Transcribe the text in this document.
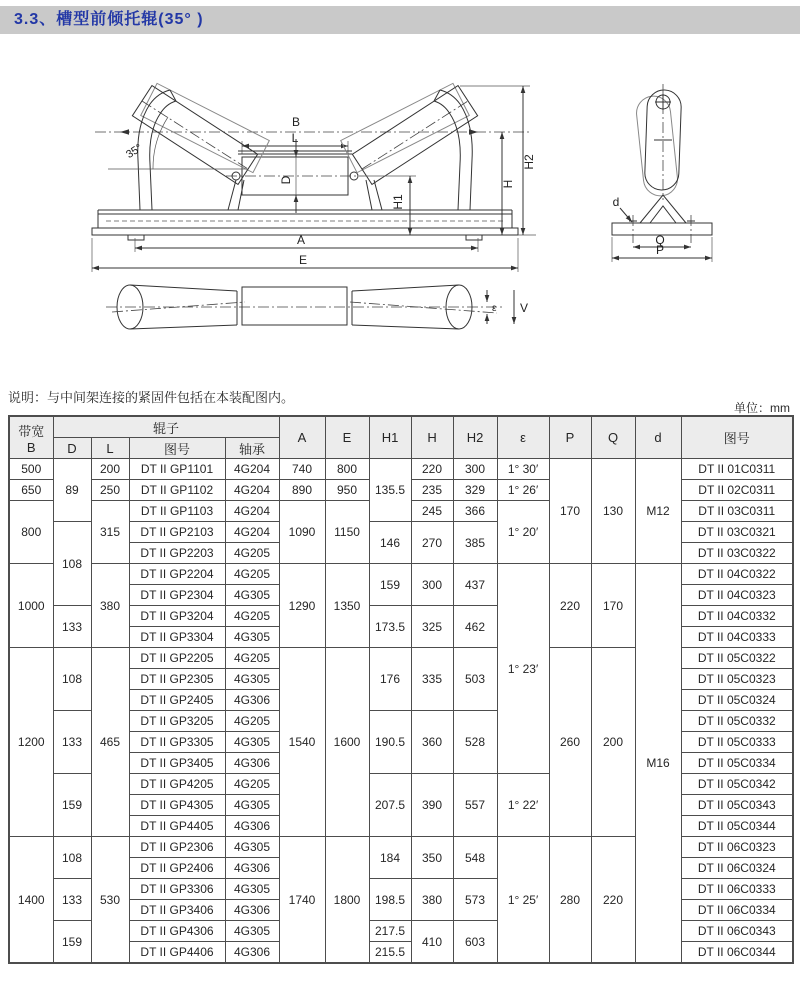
3.3、槽型前倾托辊(35° )
B
L
D
35°
A
E
H1
H
H2
d
Q
P
ε V
说明：与中间架连接的紧固件包括在本装配图内。
单位：mm
带宽
B	辊子				A	E	H1	H	H2	ε	P	Q	d	图号
	D	L	图号	轴承										
500	89	200	DT II GP1101	4G204	740	800	135.5	220	300	1° 30′	170	130	M12	DT II 01C0311
650		250	DT II GP1102	4G204	890	950		235	329	1° 26′				DT II 02C0311
800		315	DT II GP1103	4G204	1090	1150		245	366	1° 20′				DT II 03C0311
	108		DT II GP2103	4G204			146	270	385					DT II 03C0321
			DT II GP2203	4G205										DT II 03C0322
1000		380	DT II GP2204	4G205	1290	1350	159	300	437	1° 23′	220	170	M16	DT II 04C0322
			DT II GP2304	4G305										DT II 04C0323
	133		DT II GP3204	4G205			173.5	325	462					DT II 04C0332
			DT II GP3304	4G305										DT II 04C0333
1200	108	465	DT II GP2205	4G205	1540	1600	176	335	503		260	200		DT II 05C0322
			DT II GP2305	4G305										DT II 05C0323
			DT II GP2405	4G306										DT II 05C0324
	133		DT II GP3205	4G205			190.5	360	528					DT II 05C0332
			DT II GP3305	4G305										DT II 05C0333
			DT II GP3405	4G306										DT II 05C0334
	159		DT II GP4205	4G205			207.5	390	557	1° 22′				DT II 05C0342
			DT II GP4305	4G305										DT II 05C0343
			DT II GP4405	4G306										DT II 05C0344
1400	108	530	DT II GP2306	4G305	1740	1800	184	350	548	1° 25′	280	220		DT II 06C0323
			DT II GP2406	4G306										DT II 06C0324
	133		DT II GP3306	4G305			198.5	380	573					DT II 06C0333
			DT II GP3406	4G306										DT II 06C0334
	159		DT II GP4306	4G305			217.5	410	603					DT II 06C0343
			DT II GP4406	4G306			215.5							DT II 06C0344
